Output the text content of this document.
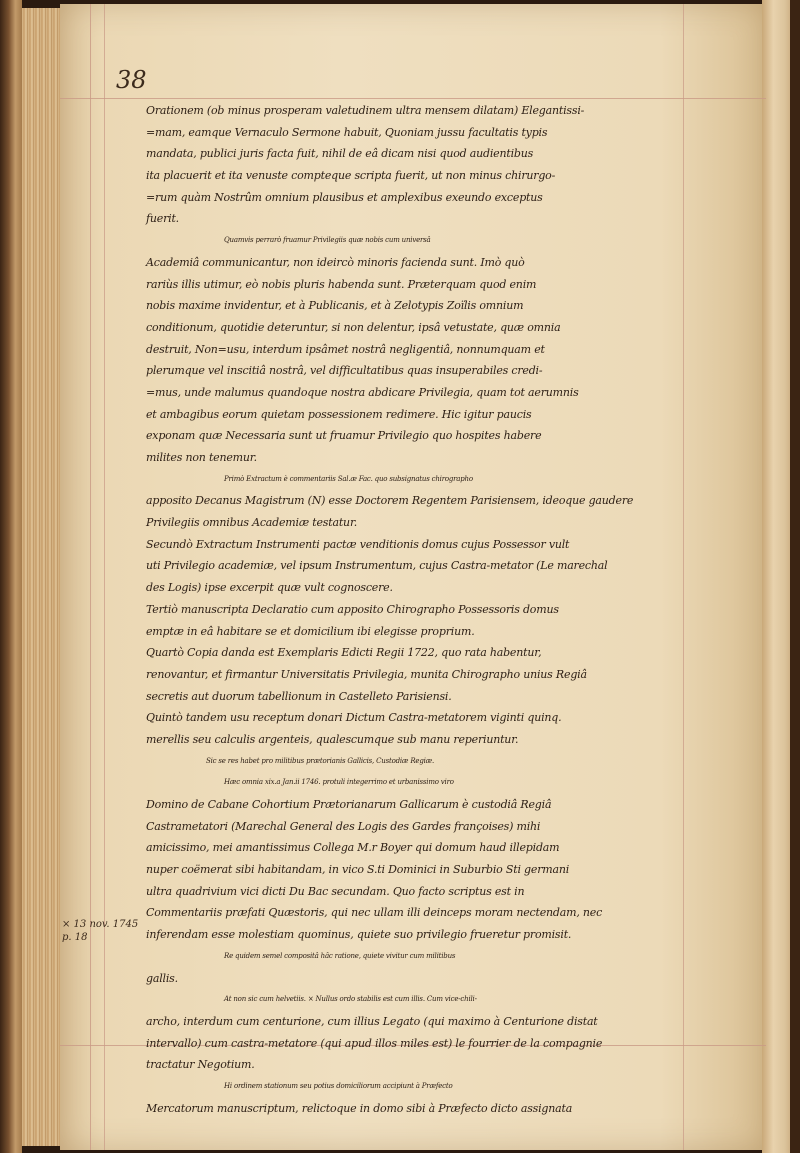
38
× 13 nov. 1745
p. 18
Orationem (ob minus prosperam valetudinem ultra mensem dilatam) Elegantissi-
=mam, eamque Vernaculo Sermone habuit, Quoniam jussu facultatis typis
mandata, publici juris facta fuit, nihil de eâ dicam nisi quod audientibus
ita placuerit et ita venuste compteque scripta fuerit, ut non minus chirurgo-
=rum quàm Nostrûm omnium plausibus et amplexibus exeundo exceptus
fuerit.
Quamvis perrarò fruamur Privilegiis quæ nobis cum universâ
Academiâ communicantur, non ideircò minoris facienda sunt. Imò quò
rariùs illis utimur, eò nobis pluris habenda sunt. Præterquam quod enim
nobis maxime invidentur, et à Publicanis, et à Zelotypis Zoïlis omnium
conditionum, quotidie deteruntur, si non delentur, ipsâ vetustate, quæ omnia
destruit, Non=usu, interdum ipsâmet nostrâ negligentiâ, nonnumquam et
plerumque vel inscitiâ nostrâ, vel difficultatibus quas insuperabiles credi-
=mus, unde malumus quandoque nostra abdicare Privilegia, quam tot aerumnis
et ambagibus eorum quietam possessionem redimere. Hic igitur paucis
exponam quæ Necessaria sunt ut fruamur Privilegio quo hospites habere
milites non tenemur.
Primò Extractum è commentariis Sal.æ Fac. quo subsignatus chirographo
apposito Decanus Magistrum (N) esse Doctorem Regentem Parisiensem, ideoque gaudere
Privilegiis omnibus Academiæ testatur.
Secundò Extractum Instrumenti pactæ venditionis domus cujus Possessor vult
uti Privilegio academiæ, vel ipsum Instrumentum, cujus Castra-metator (Le marechal
des Logis) ipse excerpit quæ vult cognoscere.
Tertiò manuscripta Declaratio cum apposito Chirographo Possessoris domus
emptæ in eâ habitare se et domicilium ibi elegisse proprium.
Quartò Copia danda est Exemplaris Edicti Regii 1722, quo rata habentur,
renovantur, et firmantur Universitatis Privilegia, munita Chirographo unius Regiâ
secretis aut duorum tabellionum in Castelleto Parisiensi.
Quintò tandem usu receptum donari Dictum Castra-metatorem viginti quinq.
merellis seu calculis argenteis, qualescumque sub manu reperiuntur.
Sic se res habet pro militibus prætorianis Gallicis, Custodiæ Regiæ.
Hæc omnia xix.a Jan.ii 1746. protuli integerrimo et urbanissimo viro
Domino de Cabane Cohortium Prætorianarum Gallicarum è custodiâ Regiâ
Castrametatori (Marechal General des Logis des Gardes françoises) mihi
amicissimo, mei amantissimus Collega M.r Boyer qui domum haud illepidam
nuper coëmerat sibi habitandam, in vico S.ti Dominici in Suburbio Sti germani
ultra quadrivium vici dicti Du Bac secundam. Quo facto scriptus est in
Commentariis præfati Quæstoris, qui nec ullam illi deinceps moram nectendam, nec
inferendam esse molestiam quominus, quiete suo privilegio frueretur promisit.
Re quidem semel compositâ hâc ratione, quiete vivitur cum militibus
gallis.
At non sic cum helvetiis. × Nullus ordo stabilis est cum illis. Cum vice-chili-
archo, interdum cum centurione, cum illius Legato (qui maximo à Centurione distat
intervallo) cum castra-metatore (qui apud illos miles est) le fourrier de la compagnie
tractatur Negotium.
Hi ordinem stationum seu potius domiciliorum accipiunt à Præfecto
Mercatorum manuscriptum, relictoque in domo sibi à Præfecto dicto assignata
